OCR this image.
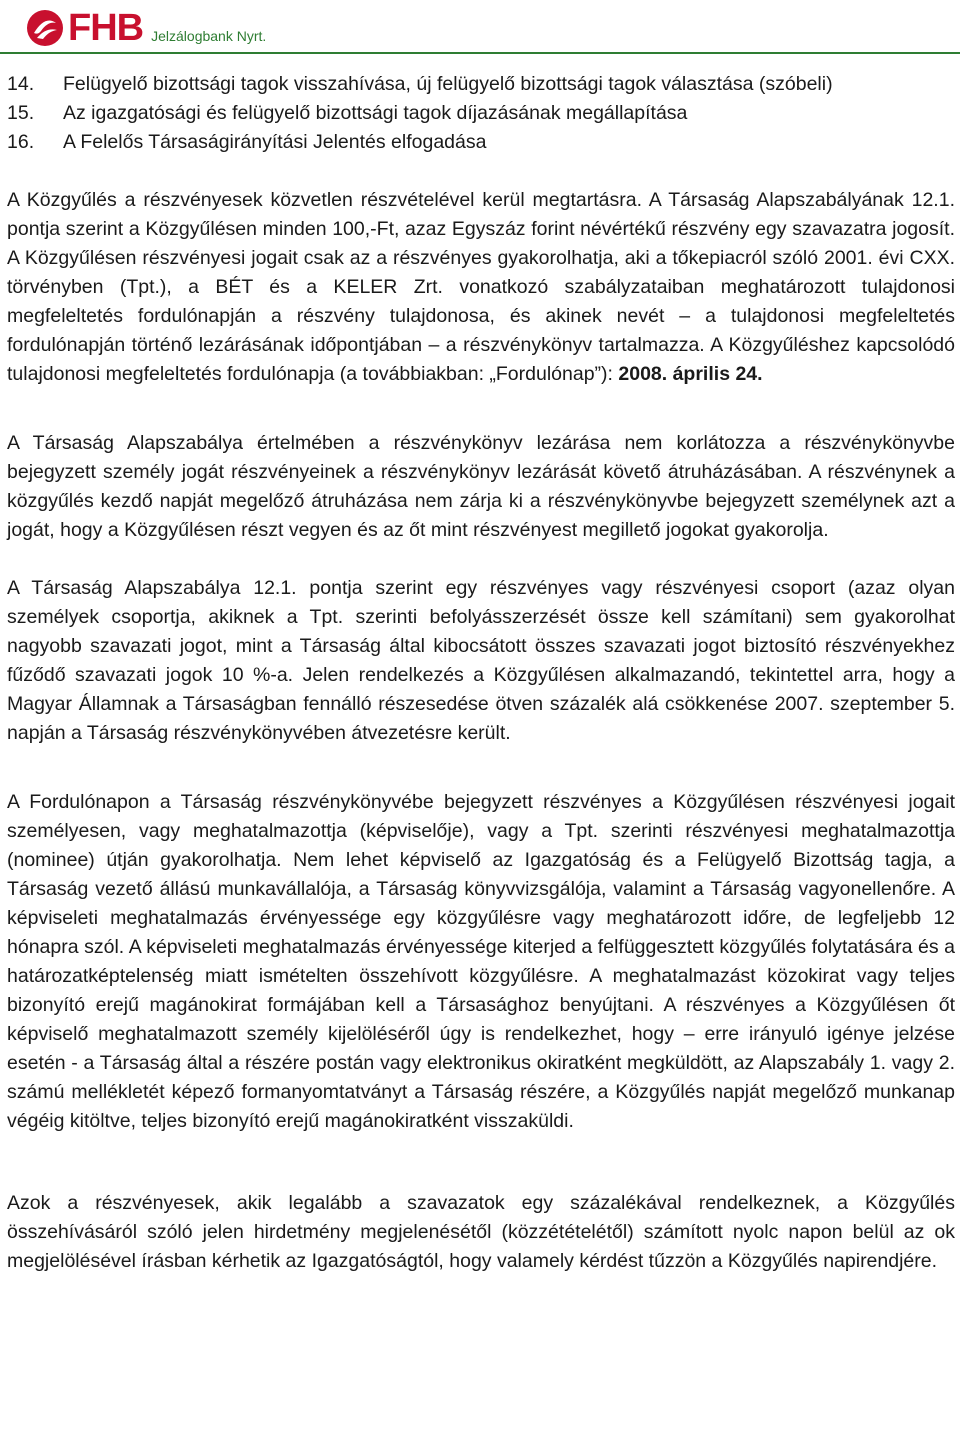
FHB Jelzálogbank Nyrt.
14.	Felügyelő bizottsági tagok visszahívása, új felügyelő bizottsági tagok választása (szóbeli)
15.	Az igazgatósági és felügyelő bizottsági tagok díjazásának megállapítása
16.	A Felelős Társaságirányítási Jelentés elfogadása

A Közgyűlés a részvényesek közvetlen részvételével kerül megtartásra. A Társaság Alapszabályának 12.1. pontja szerint a Közgyűlésen minden 100,-Ft, azaz Egyszáz forint névértékű részvény egy szavazatra jogosít. A Közgyűlésen részvényesi jogait csak az a részvényes gyakorolhatja, aki a tőkepiacról szóló 2001. évi CXX. törvényben (Tpt.), a BÉT és a KELER Zrt. vonatkozó szabályzataiban meghatározott tulajdonosi megfeleltetés fordulónapján a részvény tulajdonosa, és akinek nevét – a tulajdonosi megfeleltetés fordulónapján történő lezárásának időpontjában – a részvénykönyv tartalmazza. A Közgyűléshez kapcsolódó tulajdonosi megfeleltetés fordulónapja (a továbbiakban: „Fordulónap”): 2008. április 24.

A Társaság Alapszabálya értelmében a részvénykönyv lezárása nem korlátozza a részvénykönyvbe bejegyzett személy jogát részvényeinek a részvénykönyv lezárását követő átruházásában. A részvénynek a közgyűlés kezdő napját megelőző átruházása nem zárja ki a részvénykönyvbe bejegyzett személynek azt a jogát, hogy a Közgyűlésen részt vegyen és az őt mint részvényest megillető jogokat gyakorolja.

A Társaság Alapszabálya 12.1. pontja szerint egy részvényes vagy részvényesi csoport (azaz olyan személyek csoportja, akiknek a Tpt. szerinti befolyásszerzését össze kell számítani) sem gyakorolhat nagyobb szavazati jogot, mint a Társaság által kibocsátott összes szavazati jogot biztosító részvényekhez fűződő szavazati jogok 10 %-a. Jelen rendelkezés a Közgyűlésen alkalmazandó, tekintettel arra, hogy a Magyar Államnak a Társaságban fennálló részesedése ötven százalék alá csökkenése 2007. szeptember 5. napján a Társaság részvénykönyvében átvezetésre került.

A Fordulónapon a Társaság részvénykönyvébe bejegyzett részvényes a Közgyűlésen részvényesi jogait személyesen, vagy meghatalmazottja (képviselője), vagy a Tpt. szerinti részvényesi meghatalmazottja (nominee) útján gyakorolhatja. Nem lehet képviselő az Igazgatóság és a Felügyelő Bizottság tagja, a Társaság vezető állású munkavállalója, a Társaság könyvvizsgálója, valamint a Társaság vagyonellenőre. A képviseleti meghatalmazás érvényessége egy közgyűlésre vagy meghatározott időre, de legfeljebb 12 hónapra szól. A képviseleti meghatalmazás érvényessége kiterjed a felfüggesztett közgyűlés folytatására és a határozatképtelenség miatt ismételten összehívott közgyűlésre. A meghatalmazást közokirat vagy teljes bizonyító erejű magánokirat formájában kell a Társasághoz benyújtani. A részvényes a Közgyűlésen őt képviselő meghatalmazott személy kijelöléséről úgy is rendelkezhet, hogy – erre irányuló igénye jelzése esetén - a Társaság által a részére postán vagy elektronikus okiratként megküldött, az Alapszabály 1. vagy 2. számú mellékletét képező formanyomtatványt a Társaság részére, a Közgyűlés napját megelőző munkanap végéig kitöltve, teljes bizonyító erejű magánokiratként visszaküldi.

Azok a részvényesek, akik legalább a szavazatok egy százalékával rendelkeznek, a Közgyűlés összehívásáról szóló jelen hirdetmény megjelenésétől (közzétételétől) számított nyolc napon belül az ok megjelölésével írásban kérhetik az Igazgatóságtól, hogy valamely kérdést tűzzön a Közgyűlés napirendjére.
